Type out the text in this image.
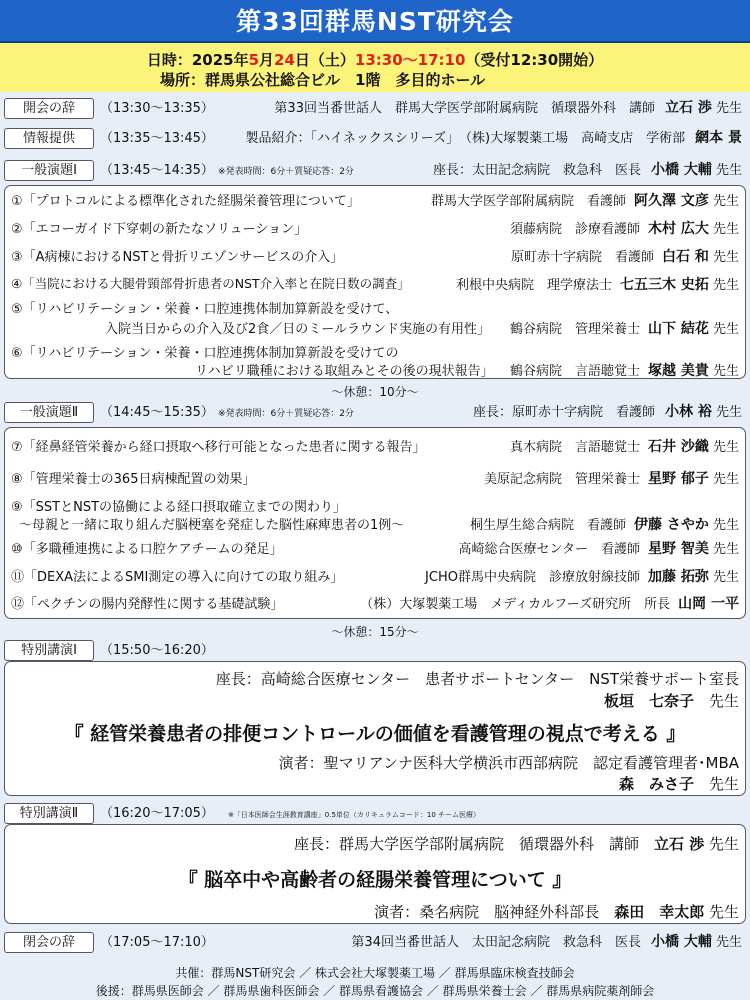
第33回群馬NST研究会
日時：2025年5月24日（土）13:30〜17:10（受付12:30開始）
場所：群馬県公社総合ビル　1階　多目的ホール
開会の辞	（13:30〜13:35）	第33回当番世話人　群馬大学医学部附属病院　循環器外科　講師 立石 渉 先生
情報提供	（13:35〜13:45） 製品紹介：「ハイネックスシリーズ」　（株)大塚製薬工場　高崎支店　学術部 網本 景
一般演題Ⅰ	（13:45〜14:35） ※発表時間：6分＋質疑応答：2分	座長：太田記念病院　救急科　医長 小橋 大輔 先生
①「プロトコルによる標準化された経腸栄養管理について」	群馬大学医学部附属病院　看護師 阿久澤 文彦 先生
②「エコーガイド下穿刺の新たなソリューション」	須藤病院　診療看護師 木村 広大 先生
③「A病棟におけるNSTと骨折リエゾンサービスの介入」	原町赤十字病院　看護師 白石 和 先生
④「当院における大腿骨頸部骨折患者のNST介入率と在院日数の調査」	利根中央病院　理学療法士 七五三木 史拓 先生
⑤「リハビリテーション・栄養・口腔連携体制加算新設を受けて、
入院当日からの介入及び2食／日のミールラウンド実施の有用性」 鶴谷病院　管理栄養士 山下 結花 先生
⑥「リハビリテーション・栄養・口腔連携体制加算新設を受けての
リハビリ職種における取組みとその後の現状報告」 鶴谷病院　言語聴覚士 塚越 美貴 先生
〜休憩：10分〜
一般演題Ⅱ	（14:45〜15:35） ※発表時間：6分＋質疑応答：2分	座長：原町赤十字病院　看護師 小林 裕 先生
⑦「経鼻経管栄養から経口摂取へ移行可能となった患者に関する報告」	真木病院　言語聴覚士 石井 沙織 先生
⑧「管理栄養士の365日病棟配置の効果」	美原記念病院　管理栄養士 星野 郁子 先生
⑨「SSTとNSTの協働による経口摂取確立までの関わり」
〜母親と一緒に取り組んだ脳梗塞を発症した脳性麻痺患者の1例〜	桐生厚生総合病院　看護師 伊藤 さやか 先生
⑩「多職種連携による口腔ケアチームの発足」	高崎総合医療センター　看護師 星野 智美 先生
⑪「DEXA法によるSMI測定の導入に向けての取り組み」	JCHO群馬中央病院　診療放射線技師 加藤 拓弥 先生
⑫「ペクチンの腸内発酵性に関する基礎試験」	（株）大塚製薬工場　メディカルフーズ研究所　所長 山岡 一平
〜休憩：15分〜
特別講演Ⅰ	（15:50〜16:20）
座長：高崎総合医療センター　患者サポートセンター　NST栄養サポート室長
板垣　七奈子　 先生
『 経管栄養患者の排便コントロールの価値を看護管理の視点で考える 』
演者：聖マリアンナ医科大学横浜市西部病院　認定看護管理者･MBA
森　みさ子　 先生
特別講演Ⅱ	（16:20〜17:05） ※「日本医師会生涯教育講座」0.5単位（カリキュラムコード：10 チーム医療）
座長：群馬大学医学部附属病院　循環器外科　講師　 立石 渉 先生
『 脳卒中や高齢者の経腸栄養管理について 』
演者：桑名病院　脳神経外科部長　 森田　幸太郎 先生
閉会の辞	（17:05〜17:10）	第34回当番世話人　太田記念病院　救急科　医長 小橋 大輔 先生
共催：群馬NST研究会 ／ 株式会社大塚製薬工場 ／ 群馬県臨床検査技師会
後援：群馬県医師会 ／ 群馬県歯科医師会 ／ 群馬県看護協会 ／ 群馬県栄養士会 ／ 群馬県病院薬剤師会
